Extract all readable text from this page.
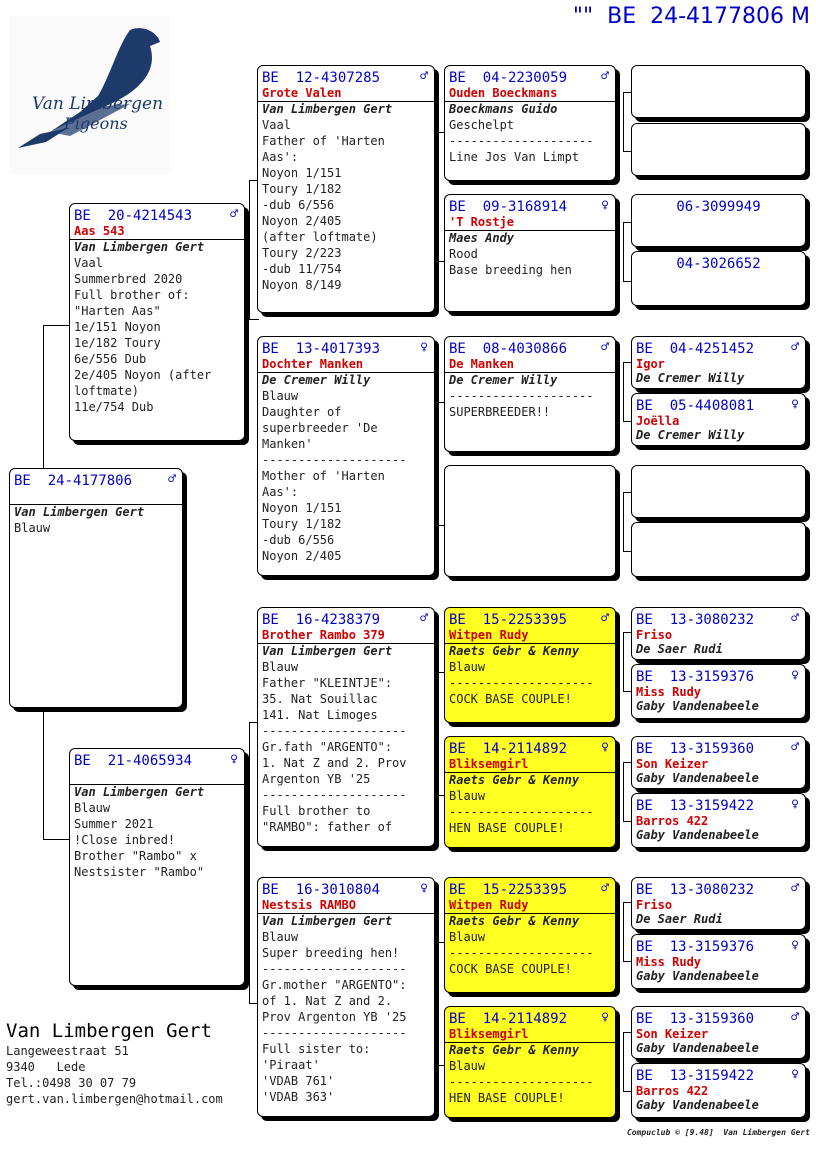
""  BE  24-4177806 M
Van Limbergen
Pigeons
BE  24-4177806	♂
Van Limbergen Gert
Blauw
BE  20-4214543	♂
Aas 543
Van Limbergen Gert
Vaal
Summerbred 2020
Full brother of:
"Harten Aas"
1e/151 Noyon
1e/182 Toury
6e/556 Dub
2e/405 Noyon (after
loftmate)
11e/754 Dub
BE  21-4065934	♀
Van Limbergen Gert
Blauw
Summer 2021
!Close inbred!
Brother "Rambo" x
Nestsister "Rambo"
BE  12-4307285	♂
Grote Valen
Van Limbergen Gert
Vaal
Father of 'Harten
Aas':
Noyon 1/151
Toury 1/182
-dub 6/556
Noyon 2/405
(after loftmate)
Toury 2/223
-dub 11/754
Noyon 8/149
BE  13-4017393	♀
Dochter Manken
De Cremer Willy
Blauw
Daughter of
superbreeder 'De
Manken'
--------------------
Mother of 'Harten
Aas':
Noyon 1/151
Toury 1/182
-dub 6/556
Noyon 2/405
BE  16-4238379	♂
Brother Rambo 379
Van Limbergen Gert
Blauw
Father "KLEINTJE":
35. Nat Souillac
141. Nat Limoges
--------------------
Gr.fath "ARGENTO":
1. Nat Z and 2. Prov
Argenton YB '25
--------------------
Full brother to
"RAMBO": father of
BE  16-3010804	♀
Nestsis RAMBO
Van Limbergen Gert
Blauw
Super breeding hen!
--------------------
Gr.mother "ARGENTO":
of 1. Nat Z and 2.
Prov Argenton YB '25
--------------------
Full sister to:
'Piraat'
'VDAB 761'
'VDAB 363'
BE  04-2230059	♂
Ouden Boeckmans
Boeckmans Guido
Geschelpt
--------------------
Line Jos Van Limpt
BE  09-3168914	♀
'T Rostje
Maes Andy
Rood
Base breeding hen
BE  08-4030866	♂
De Manken
De Cremer Willy
--------------------
SUPERBREEDER!!
BE  15-2253395	♂
Witpen Rudy
Raets Gebr & Kenny
Blauw
--------------------
COCK BASE COUPLE!
BE  14-2114892	♀
Bliksemgirl
Raets Gebr & Kenny
Blauw
--------------------
HEN BASE COUPLE!
BE  15-2253395	♂
Witpen Rudy
Raets Gebr & Kenny
Blauw
--------------------
COCK BASE COUPLE!
BE  14-2114892	♀
Bliksemgirl
Raets Gebr & Kenny
Blauw
--------------------
HEN BASE COUPLE!
06-3099949
04-3026652
BE  04-4251452	♂
Igor
De Cremer Willy
BE  05-4408081	♀
Joëlla
De Cremer Willy
BE  13-3080232	♂
Friso
De Saer Rudi
BE  13-3159376	♀
Miss Rudy
Gaby Vandenabeele
BE  13-3159360	♂
Son Keizer
Gaby Vandenabeele
BE  13-3159422	♀
Barros 422
Gaby Vandenabeele
BE  13-3080232	♂
Friso
De Saer Rudi
BE  13-3159376	♀
Miss Rudy
Gaby Vandenabeele
BE  13-3159360	♂
Son Keizer
Gaby Vandenabeele
BE  13-3159422	♀
Barros 422
Gaby Vandenabeele
Van Limbergen Gert
Langeweestraat 51
9340   Lede
Tel.:0498 30 07 79
gert.van.limbergen@hotmail.com
Compuclub © [9.48]  Van Limbergen Gert
